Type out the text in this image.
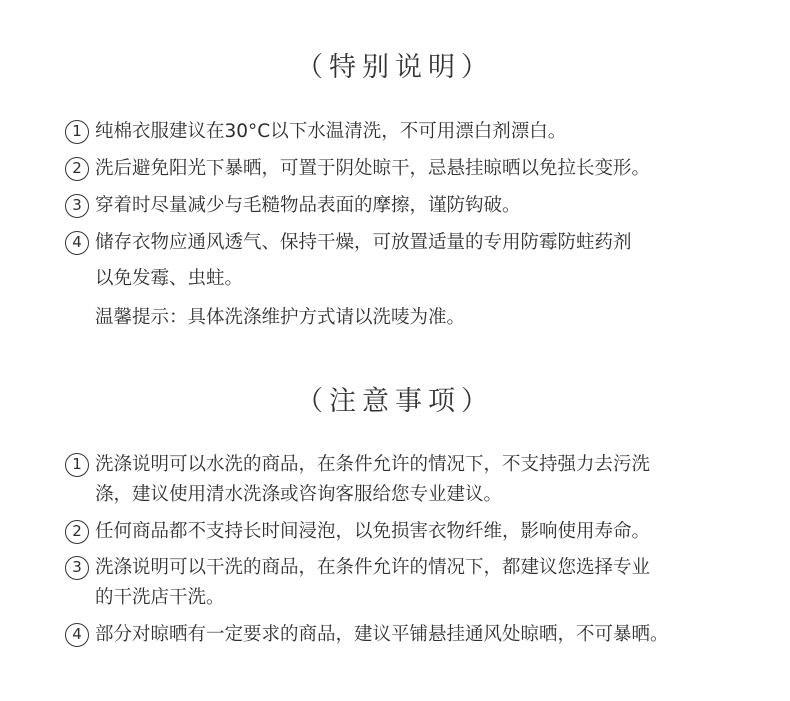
（特别说明）
1 纯棉衣服建议在30°C以下水温清洗，不可用漂白剂漂白。
2 洗后避免阳光下暴晒，可置于阴处晾干，忌悬挂晾晒以免拉长变形。
3 穿着时尽量减少与毛糙物品表面的摩擦，谨防钩破。
4 储存衣物应通风透气、保持干燥，可放置适量的专用防霉防蛀药剂
以免发霉、虫蛀。
温馨提示：具体洗涤维护方式请以洗唛为准。
（注意事项）
1 洗涤说明可以水洗的商品，在条件允许的情况下，不支持强力去污洗
涤，建议使用清水洗涤或咨询客服给您专业建议。
2 任何商品都不支持长时间浸泡，以免损害衣物纤维，影响使用寿命。
3 洗涤说明可以干洗的商品，在条件允许的情况下，都建议您选择专业
的干洗店干洗。
4 部分对晾晒有一定要求的商品，建议平铺悬挂通风处晾晒，不可暴晒。
